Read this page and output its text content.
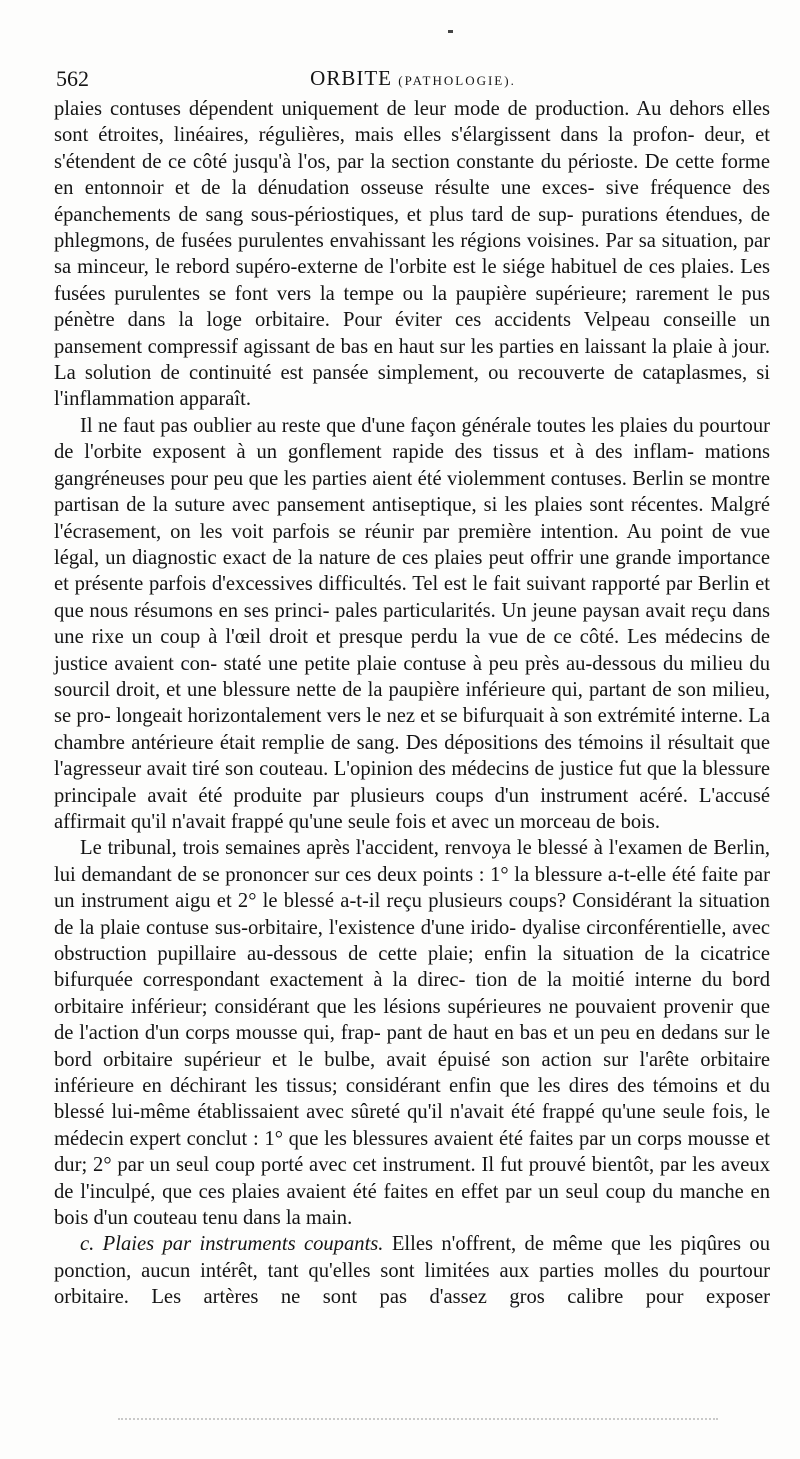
562	ORBITE (PATHOLOGIE).

plaies contuses dépendent uniquement de leur mode de production. Au dehors elles sont étroites, linéaires, régulières, mais elles s'élargissent dans la profon- deur, et s'étendent de ce côté jusqu'à l'os, par la section constante du périoste. De cette forme en entonnoir et de la dénudation osseuse résulte une exces- sive fréquence des épanchements de sang sous-périostiques, et plus tard de sup- purations étendues, de phlegmons, de fusées purulentes envahissant les régions voisines. Par sa situation, par sa minceur, le rebord supéro-externe de l'orbite est le siége habituel de ces plaies. Les fusées purulentes se font vers la tempe ou la paupière supérieure; rarement le pus pénètre dans la loge orbitaire. Pour éviter ces accidents Velpeau conseille un pansement compressif agissant de bas en haut sur les parties en laissant la plaie à jour. La solution de continuité est pansée simplement, ou recouverte de cataplasmes, si l'inflammation apparaît.

Il ne faut pas oublier au reste que d'une façon générale toutes les plaies du pourtour de l'orbite exposent à un gonflement rapide des tissus et à des inflam- mations gangréneuses pour peu que les parties aient été violemment contuses. Berlin se montre partisan de la suture avec pansement antiseptique, si les plaies sont récentes. Malgré l'écrasement, on les voit parfois se réunir par première intention. Au point de vue légal, un diagnostic exact de la nature de ces plaies peut offrir une grande importance et présente parfois d'excessives difficultés. Tel est le fait suivant rapporté par Berlin et que nous résumons en ses princi- pales particularités. Un jeune paysan avait reçu dans une rixe un coup à l'œil droit et presque perdu la vue de ce côté. Les médecins de justice avaient con- staté une petite plaie contuse à peu près au-dessous du milieu du sourcil droit, et une blessure nette de la paupière inférieure qui, partant de son milieu, se pro- longeait horizontalement vers le nez et se bifurquait à son extrémité interne. La chambre antérieure était remplie de sang. Des dépositions des témoins il résultait que l'agresseur avait tiré son couteau. L'opinion des médecins de justice fut que la blessure principale avait été produite par plusieurs coups d'un instrument acéré. L'accusé affirmait qu'il n'avait frappé qu'une seule fois et avec un morceau de bois.

Le tribunal, trois semaines après l'accident, renvoya le blessé à l'examen de Berlin, lui demandant de se prononcer sur ces deux points : 1° la blessure a-t-elle été faite par un instrument aigu et 2° le blessé a-t-il reçu plusieurs coups? Considérant la situation de la plaie contuse sus-orbitaire, l'existence d'une irido- dyalise circonférentielle, avec obstruction pupillaire au-dessous de cette plaie; enfin la situation de la cicatrice bifurquée correspondant exactement à la direc- tion de la moitié interne du bord orbitaire inférieur; considérant que les lésions supérieures ne pouvaient provenir que de l'action d'un corps mousse qui, frap- pant de haut en bas et un peu en dedans sur le bord orbitaire supérieur et le bulbe, avait épuisé son action sur l'arête orbitaire inférieure en déchirant les tissus; considérant enfin que les dires des témoins et du blessé lui-même établissaient avec sûreté qu'il n'avait été frappé qu'une seule fois, le médecin expert conclut : 1° que les blessures avaient été faites par un corps mousse et dur; 2° par un seul coup porté avec cet instrument. Il fut prouvé bientôt, par les aveux de l'inculpé, que ces plaies avaient été faites en effet par un seul coup du manche en bois d'un couteau tenu dans la main.

c. Plaies par instruments coupants. Elles n'offrent, de même que les piqûres ou ponction, aucun intérêt, tant qu'elles sont limitées aux parties molles du pourtour orbitaire. Les artères ne sont pas d'assez gros calibre pour exposer
